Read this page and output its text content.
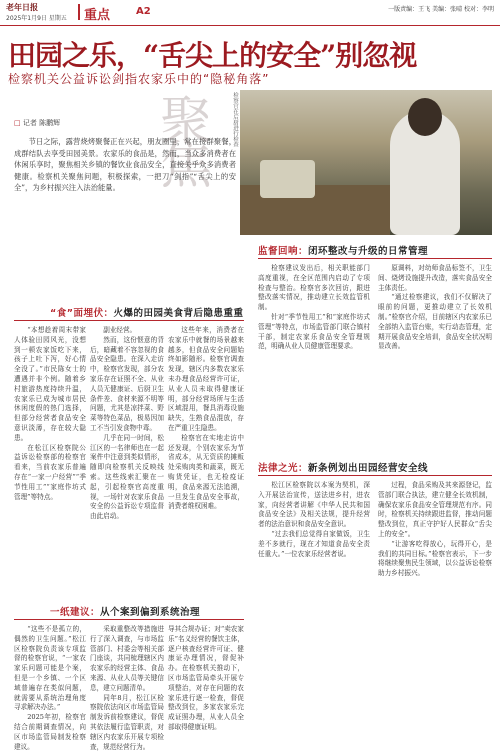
老年日报
2025年1月9日 星期五 重点	A2	一版责编：王飞 美编：张晴 校对：李明
田园之乐，“舌尖上的安全”别忽视
检察机关公益诉讼剑指农家乐中的“隐秘角落”
检察官在后厨进行检查
□ 记者 陈鹏辉 聚焦
节日之际，露营烧烤聚餐正在兴起，朋友圈里，常在接群聚餐，成群结队去享受田园美景。农家乐的食品是，然而，当众多消费者在休闲乐享时，聚焦相关乡镇的餐饮业食品安全，直接关乎众多消费者健康。检察机关聚焦问题，积极探索，一把刀“剑指”“舌尖上的安全”，为乡村振兴注入法治能量。
监督回响：闭环整改与升级的日常管理

检察建议发出后，相关职能部门高度重视，在全区范围内启动了专项检查与整治。检察官多次回访，跟进整改落实情况，推动建立长效监管机制。

针对“季节性用工”和“家庭作坊式管理”等特点，市场监管部门联合镇村干部，制定农家乐食品安全管理规范，明确从业人员健康管理要求。

原调料，对幼师食品标签不，卫生间、烧烤设施提升改造，落实食品安全主体责任。

“通过检察建议，我们不仅解决了眼前的问题，更推动建立了长效机制。”检察官介绍，目前辖区内农家乐已全部纳入监管台账，实行动态管理，定期开展食品安全培训，食品安全状况明显改善。

“食”面埋伏：火爆的田园美食背后隐患重重

“本想趁着周末带家人体验田园风光，没想到一顿农家饭吃下来，孩子上吐下泻，好心情全没了。”市民陈女士的遭遇并非个例。随着乡村旅游热度持续升温，农家乐已成为城市居民休闲度假的热门选择，但部分经营者食品安全意识淡薄，存在较大隐患。

在松江区检察院公益诉讼检察部的检察官看来，当前农家乐普遍存在“一家一户经营”“季节性用工”“家庭作坊式管理”等特点。

副业经营。

然而，这份惬意的背后，暗藏着不容忽视的食品安全隐患。在深入走访中，检察官发现，部分农家乐存在证照不全、从业人员无健康证、后厨卫生条件差、食材来源不明等问题，尤其是凉拌菜、野菜等特色菜品，极易因加工不当引发食物中毒。

几乎在同一时间，松江区的一名律师也在一起案件中注意到类似情形，随即向检察机关反映线索。这些线索汇聚在一起，引起检察官高度重视，一场针对农家乐食品安全的公益诉讼专项监督由此启动。

这些年来，消费者在农家乐中就餐的场景越来越多，但食品安全问题始终如影随形。检察官调查发现，辖区内多数农家乐未办理食品经营许可证，从业人员未取得健康证明，部分经营场所与生活区域混用，餐具消毒设施缺失，生熟食品混放，存在严重卫生隐患。

检察官在实地走访中还发现，个别农家乐为节省成本，从无资质的摊贩处采购肉类和蔬菜，既无购货凭证，也无检疫证明，食品来源无法追溯，一旦发生食品安全事故，消费者维权困难。

法律之光：新条例划出田园经营安全线

松江区检察院以本案为契机，深入开展法治宣传，送法进乡村，进农家，向经营者讲解《中华人民共和国食品安全法》及相关法规，提升经营者的法治意识和食品安全意识。

“过去我们总觉得自家做饭，卫生差不多就行，现在才知道食品安全责任重大。”一位农家乐经营者说。

过程，食品采购及其来源登记，监管部门联合执法，建立健全长效机制，确保农家乐食品安全管理规范有序。同时，检察机关持续跟进监督，推动问题整改到位，真正守护好人民群众“舌尖上的安全”。

“让游客吃得放心，玩得开心，是我们的共同目标。”检察官表示，下一步将继续聚焦民生领域，以公益诉讼检察助力乡村振兴。

一纸建议：从个案到偏到系统治理

“这些不是孤立的，偶然的卫生问题。”松江区检察院负责该专项监督的检察官说，“一家农家乐问题可能是个案，但是一个乡镇、一个区域普遍存在类似问题，就需要从系统治理角度寻求解决办法。”

2025年初，检察官结合前期调查情况，向区市场监管局制发检察建议。

采取重整改等措施进行了深入调查，与市场监管部门、村委会等相关部门座谈，共同梳理辖区内农家乐的经营主体、食品来源、从业人员等关键信息，建立问题清单。

同年8月，松江区检察院依法向区市场监管局制发诉前检察建议，督促其依法履行监管职责，对辖区内农家乐开展专项检查，规范经营行为。

导其合规办证；对“卖农家乐”名义经营的餐饮主体，逐户核查经营许可证、健康证办理情况，督促补办。在检察机关推动下，区市场监管局牵头开展专项整治，对存在问题的农家乐进行逐一检查，督促整改到位，多家农家乐完成证照办理，从业人员全部取得健康证明。
